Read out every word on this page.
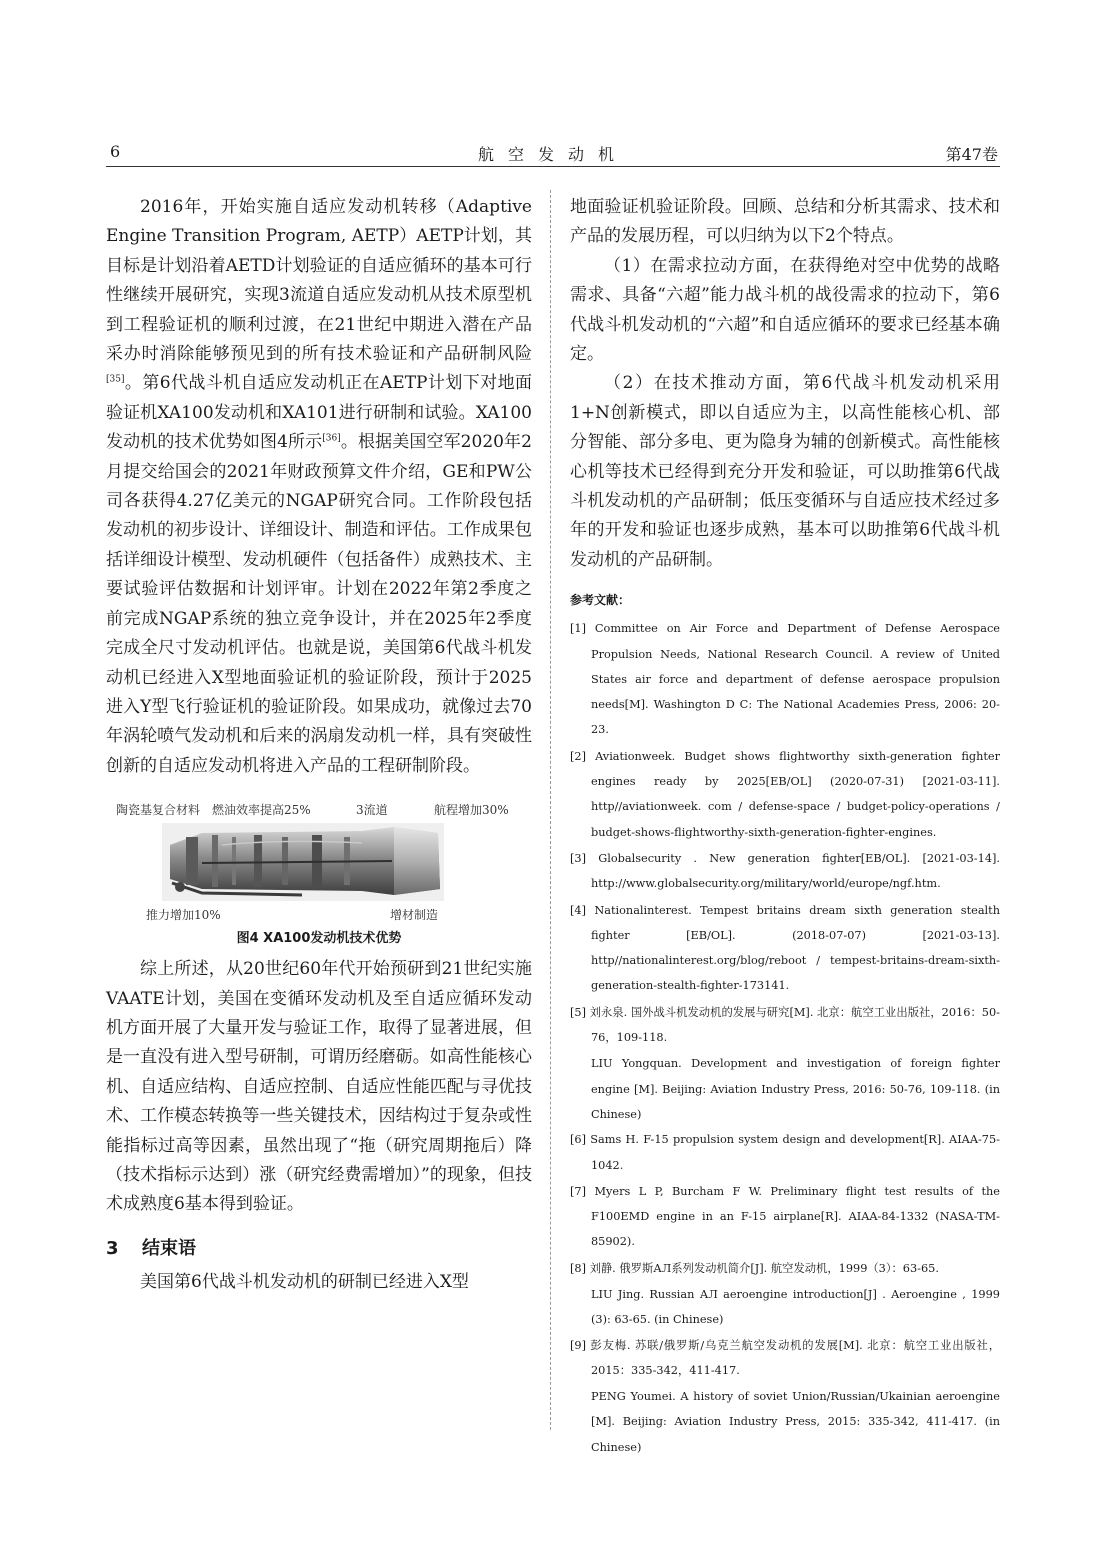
6	航空发动机	第47卷

2016年，开始实施自适应发动机转移（Adaptive Engine Transition Program, AETP）AETP计划，其目标是计划沿着AETD计划验证的自适应循环的基本可行性继续开展研究，实现3流道自适应发动机从技术原型机到工程验证机的顺利过渡，在21世纪中期进入潜在产品采办时消除能够预见到的所有技术验证和产品研制风险[35]。第6代战斗机自适应发动机正在AETP计划下对地面验证机XA100发动机和XA101进行研制和试验。XA100发动机的技术优势如图4所示[36]。根据美国空军2020年2月提交给国会的2021年财政预算文件介绍，GE和PW公司各获得4.27亿美元的NGAP研究合同。工作阶段包括发动机的初步设计、详细设计、制造和评估。工作成果包括详细设计模型、发动机硬件（包括备件）成熟技术、主要试验评估数据和计划评审。计划在2022年第2季度之前完成NGAP系统的独立竞争设计，并在2025年2季度完成全尺寸发动机评估。也就是说，美国第6代战斗机发动机已经进入X型地面验证机的验证阶段，预计于2025进入Y型飞行验证机的验证阶段。如果成功，就像过去70年涡轮喷气发动机和后来的涡扇发动机一样，具有突破性创新的自适应发动机将进入产品的工程研制阶段。

陶瓷基复合材料 燃油效率提高25%	3流道	航程增加30%
推力增加10%	增材制造
图4 XA100发动机技术优势

综上所述，从20世纪60年代开始预研到21世纪实施VAATE计划，美国在变循环发动机及至自适应循环发动机方面开展了大量开发与验证工作，取得了显著进展，但是一直没有进入型号研制，可谓历经磨砺。如高性能核心机、自适应结构、自适应控制、自适应性能匹配与寻优技术、工作模态转换等一些关键技术，因结构过于复杂或性能指标过高等因素，虽然出现了“拖（研究周期拖后）降（技术指标示达到）涨（研究经费需增加）”的现象，但技术成熟度6基本得到验证。

3 结束语

美国第6代战斗机发动机的研制已经进入X型

地面验证机验证阶段。回顾、总结和分析其需求、技术和产品的发展历程，可以归纳为以下2个特点。

（1）在需求拉动方面，在获得绝对空中优势的战略需求、具备“六超”能力战斗机的战役需求的拉动下，第6代战斗机发动机的“六超”和自适应循环的要求已经基本确定。

（2）在技术推动方面，第6代战斗机发动机采用1+N创新模式，即以自适应为主，以高性能核心机、部分智能、部分多电、更为隐身为辅的创新模式。高性能核心机等技术已经得到充分开发和验证，可以助推第6代战斗机发动机的产品研制；低压变循环与自适应技术经过多年的开发和验证也逐步成熟，基本可以助推第6代战斗机发动机的产品研制。

参考文献：
[1] Committee on Air Force and Department of Defense Aerospace Propulsion Needs, National Research Council. A review of United States air force and department of defense aerospace propulsion needs[M]. Washington D C: The National Academies Press, 2006: 20-23.
[2] Aviationweek. Budget shows flightworthy sixth-generation fighter engines ready by 2025[EB/OL] (2020-07-31) [2021-03-11]. http//aviationweek. com / defense-space / budget-policy-operations / budget-shows-flightworthy-sixth-generation-fighter-engines.
[3] Globalsecurity . New generation fighter[EB/OL]. [2021-03-14]. http://www.globalsecurity.org/military/world/europe/ngf.htm.
[4] Nationalinterest. Tempest britains dream sixth generation stealth fighter [EB/OL]. (2018-07-07) [2021-03-13]. http//nationalinterest.org/blog/reboot / tempest-britains-dream-sixth-generation-stealth-fighter-173141.
[5] 刘永泉. 国外战斗机发动机的发展与研究[M]. 北京：航空工业出版社，2016：50-76，109-118.
LIU Yongquan. Development and investigation of foreign fighter engine [M]. Beijing: Aviation Industry Press, 2016: 50-76, 109-118. (in Chinese)
[6] Sams H. F-15 propulsion system design and development[R]. AIAA-75-1042.
[7] Myers L P, Burcham F W. Preliminary flight test results of the F100EMD engine in an F-15 airplane[R]. AIAA-84-1332 (NASA-TM-85902).
[8] 刘静. 俄罗斯АЛ系列发动机简介[J]. 航空发动机，1999（3）：63-65.
LIU Jing. Russian АЛ aeroengine introduction[J] . Aeroengine , 1999 (3): 63-65. (in Chinese)
[9] 彭友梅. 苏联/俄罗斯/乌克兰航空发动机的发展[M]. 北京：航空工业出版社，2015：335-342，411-417.
PENG Youmei. A history of soviet Union/Russian/Ukainian aeroengine [M]. Beijing: Aviation Industry Press, 2015: 335-342, 411-417. (in Chinese)
